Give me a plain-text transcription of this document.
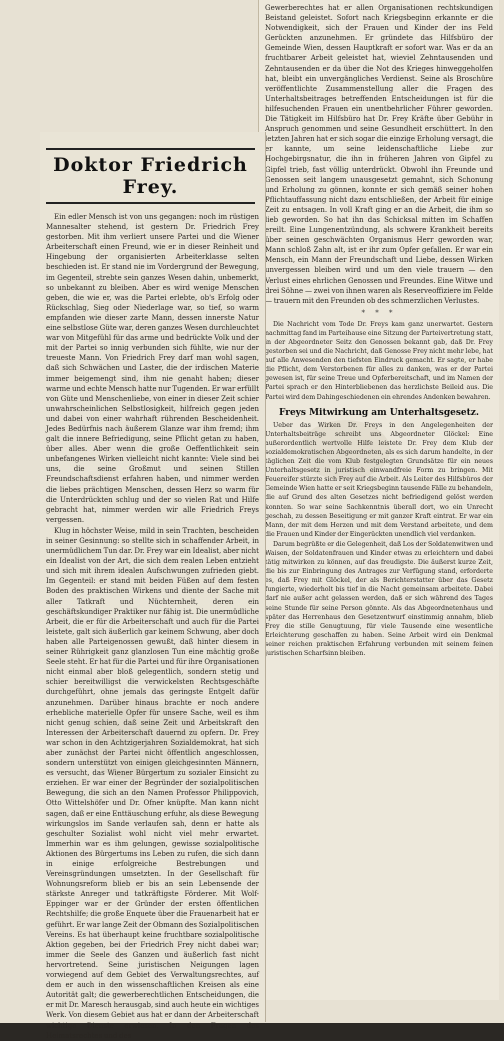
Gewerberechtes hat er allen Organisationen rechtskundigen Beistand geleistet. Sofort nach Kriegsbeginn erkannte er die Notwendigkeit, sich der Frauen und Kinder der ins Feld Gerückten anzunehmen. Er gründete das Hilfsbüro der Gemeinde Wien, dessen Hauptkraft er sofort war. Was er da an fruchtbarer Arbeit geleistet hat, wieviel Zehntausenden und Zehntausenden er da über die Not des Krieges hinweggeholfen hat, bleibt ein unvergängliches Verdienst. Seine als Broschüre veröffentlichte Zusammenstellung aller die Fragen des Unterhaltsbeitrages betreffenden Entscheidungen ist für die hilfesuchenden Frauen ein unentbehrlicher Führer geworden. Die Tätigkeit im Hilfsbüro hat Dr. Frey Kräfte über Gebühr in Anspruch genommen und seine Gesundheit erschüttert. In den letzten Jahren hat er sich sogar die einzige Erholung versagt, die er kannte, um seine leidenschaftliche Liebe zur Hochgebirgsnatur, die ihn in früheren Jahren von Gipfel zu Gipfel trieb, fast völlig unterdrückt. Obwohl ihn Freunde und Genossen seit langem unausgesetzt gemahnt, sich Schonung und Erholung zu gönnen, konnte er sich gemäß seiner hohen Pflichtauffassung nicht dazu entschließen, der Arbeit für einige Zeit zu entsagen. In voll Kraft ging er an die Arbeit, die ihm so lieb geworden. So hat ihn das Schicksal mitten im Schaffen ereilt. Eine Lungenentzündung, als schwere Krankheit bereits über seinen geschwächten Organismus Herr geworden war, Mann schloß Zahn alt, ist er ihr zum Opfer gefallen. Er war ein Mensch, ein Mann der Freundschaft und Liebe, dessen Wirken unvergessen bleiben wird und um den viele trauern — den Verlust eines ehrlichen Genossen und Freundes. Eine Witwe und drei Söhne — zwei von ihnen waren als Reserveoffiziere im Felde — trauern mit den Freunden ob des schmerzlichen Verlustes.

* * *

Die Nachricht vom Tode Dr. Freys kam ganz unerwartet. Gestern nachmittag fand im Parteihause eine Sitzung der Parteivertretung statt, in der Abgeordneter Seitz den Genossen bekannt gab, daß Dr. Frey gestorben sei und die Nachricht, daß Genosse Frey nicht mehr lebe, hat auf alle Anwesenden den tiefsten Eindruck gemacht. Er sagte, er habe die Pflicht, dem Verstorbenen für alles zu danken, was er der Partei gewesen ist, für seine Treue und Opferbereitschaft, und im Namen der Partei sprach er den Hinterbliebenen das herzlichste Beileid aus. Die Partei wird dem Dahingeschiedenen ein ehrendes Andenken bewahren.

Freys Mitwirkung am Unterhaltsgesetz.

Ueber das Wirken Dr. Freys in den Angelegenheiten der Unterhaltsbeiträge schreibt uns Abgeordneter Glöckel: Eine außerordentlich wertvolle Hilfe leistete Dr. Frey dem Klub der sozialdemokratischen Abgeordneten, als es sich darum handelte, in der täglichen Zeit die vom Klub festgelegten Grundsätze für ein neues Unterhaltsgesetz in juristisch einwandfreie Form zu bringen. Mit Feuereifer stürzte sich Frey auf die Arbeit. Als Leiter des Hilfsbüros der Gemeinde Wien hatte er seit Kriegsbeginn tausende Fälle zu behandeln, die auf Grund des alten Gesetzes nicht befriedigend gelöst werden konnten. So war seine Sachkenntnis überall dort, wo ein Unrecht geschah, zu dessen Beseitigung er mit ganzer Kraft eintrat. Er war ein Mann, der mit dem Herzen und mit dem Verstand arbeitete, und dem die Frauen und Kinder der Eingerückten unendlich viel verdanken.

Darum begrüßte er die Gelegenheit, daß Los der Soldatenwitwen und Waisen, der Soldatenfrauen und Kinder etwas zu erleichtern und dabei tätig mitwirken zu können, auf das freudigste. Die äußerst kurze Zeit, die bis zur Einbringung des Antrages zur Verfügung stand, erforderte es, daß Frey mit Glöckel, der als Berichterstatter über das Gesetz fungierte, wiederholt bis tief in die Nacht gemeinsam arbeitete. Dabei darf nie außer acht gelassen werden, daß er sich während des Tages seine Stunde für seine Person gönnte. Als das Abgeordnetenhaus und später das Herrenhaus den Gesetzentwurf einstimmig annahm, blieb Frey die stille Genugtuung, für viele Tausende eine wesentliche Erleichterung geschaffen zu haben. Seine Arbeit wird ein Denkmal seiner reichen praktischen Erfahrung verbunden mit seinem feinen juristischen Scharfsinn bleiben.

Doktor Friedrich Frey.

Ein edler Mensch ist von uns gegangen: noch im rüstigen Mannesalter stehend, ist gestern Dr. Friedrich Frey gestorben. Mit ihm verliert unsere Partei und die Wiener Arbeiterschaft einen Freund, wie er in dieser Reinheit und Hingebung der organisierten Arbeiterklasse selten beschieden ist. Er stand nie im Vordergrund der Bewegung, im Gegenteil, strebte sein ganzes Wesen dahin, unbemerkt, so unbekannt zu bleiben. Aber es wird wenige Menschen geben, die wie er, was die Partei erlebte, ob's Erfolg oder Rückschlag, Sieg oder Niederlage war, so tief, so warm empfanden wie dieser zarte Mann, dessen innerste Natur eine selbstlose Güte war, deren ganzes Wesen durchleuchtet war von Mitgefühl für das arme und bedrückte Volk und der mit der Partei so innig verbunden sich fühlte, wie nur der treueste Mann. Von Friedrich Frey darf man wohl sagen, daß sich Schwächen und Laster, die der irdischen Materie immer beigemengt sind, ihm nie genaht haben; dieser warme und echte Mensch hatte nur Tugenden. Er war erfüllt von Güte und Menschenliebe, von einer in dieser Zeit schier unwahrscheinlichen Selbstlosigkeit, hilfreich gegen jeden und dabei von einer wahrhaft rührenden Bescheidenheit. Jedes Bedürfnis nach äußerem Glanze war ihm fremd; ihm galt die innere Befriedigung, seine Pflicht getan zu haben, über alles. Aber wenn die große Oeffentlichkeit sein unbefangenes Wirken vielleicht nicht kannte: Viele sind bei uns, die seine Großmut und seinen Stillen Freundschaftsdienst erfahren haben, und nimmer werden die liebes prächtigen Menschen, dessen Herz so warm für die Unterdrückten schlug und der so vielen Rat und Hilfe gebracht hat, nimmer werden wir alle Friedrich Freys vergessen.

Klug in höchster Weise, mild in sein Trachten, bescheiden in seiner Gesinnung: so stellte sich in schaffender Arbeit, in unermüdlichem Tun dar. Dr. Frey war ein Idealist, aber nicht ein Idealist von der Art, die sich dem realen Leben entzieht und sich mit ihrem idealen Aufschwungen zufrieden giebt. Im Gegenteil: er stand mit beiden Füßen auf dem festen Boden des praktischen Wirkens und diente der Sache mit aller Tatkraft und Nüchternheit, deren ein geschäftskundiger Praktiker nur fähig ist. Die unermüdliche Arbeit, die er für die Arbeiterschaft und auch für die Partei leistete, galt sich äußerlich gar keinem Schwung, aber doch haben alle Parteigenossen gewußt, daß hinter diesem in seiner Rührigkeit ganz glanzlosen Tun eine mächtig große Seele steht. Er hat für die Partei und für ihre Organisationen nicht einmal aber bloß gelegentlich, sondern stetig und schier bereitwilligst die verwickelsten Rechtsgeschäfte durchgeführt, ohne jemals das geringste Entgelt dafür anzunehmen. Darüber hinaus brachte er noch andere erhebliche materielle Opfer für unsere Sache, weil es ihm nicht genug schien, daß seine Zeit und Arbeitskraft den Interessen der Arbeiterschaft dauernd zu opfern. Dr. Frey war schon in den Achtzigerjahren Sozialdemokrat, hat sich aber zunächst der Partei nicht öffentlich angeschlossen, sondern unterstützt von einigen gleichgesinnten Männern, es versucht, das Wiener Bürgertum zu sozialer Einsicht zu erziehen. Er war einer der Begründer der sozialpolitischen Bewegung, die sich an den Namen Professor Philippovich, Otto Wittelshöfer und Dr. Ofner knüpfte. Man kann nicht sagen, daß er eine Enttäuschung erfuhr, als diese Bewegung wirkungslos im Sande verlaufen sah, denn er hatte als geschulter Sozialist wohl nicht viel mehr erwartet. Immerhin war es ihm gelungen, gewisse sozialpolitische Aktionen des Bürgertums ins Leben zu rufen, die sich dann in einige erfolgreiche Bestrebungen und Vereinsgründungen umsetzten. In der Gesellschaft für Wohnungsreform blieb er bis an sein Lebensende der stärkste Anreger und tatkräftigste Förderer. Mit Wolf-Eppinger war er der Gründer der ersten öffentlichen Rechtshilfe; die große Enquete über die Frauenarbeit hat er geführt. Er war lange Zeit der Obmann des Sozialpolitischen Vereins. Es hat überhaupt keine fruchtbare sozialpolitische Aktion gegeben, bei der Friedrich Frey nicht dabei war; immer die Seele des Ganzen und äußerlich fast nicht hervortretend. Seine juristischen Neigungen lagen vorwiegend auf dem Gebiet des Verwaltungsrechtes, auf dem er auch in den wissenschaftlichen Kreisen als eine Autorität galt; die gewerberechtlichen Entscheidungen, die er mit Dr. Maresch herausgab, sind auch heute ein wichtiges Werk. Von diesem Gebiet aus hat er dann der Arbeiterschaft wichtige Dienste erwiesen. In den Fragen des Heimatsrechtes und des
